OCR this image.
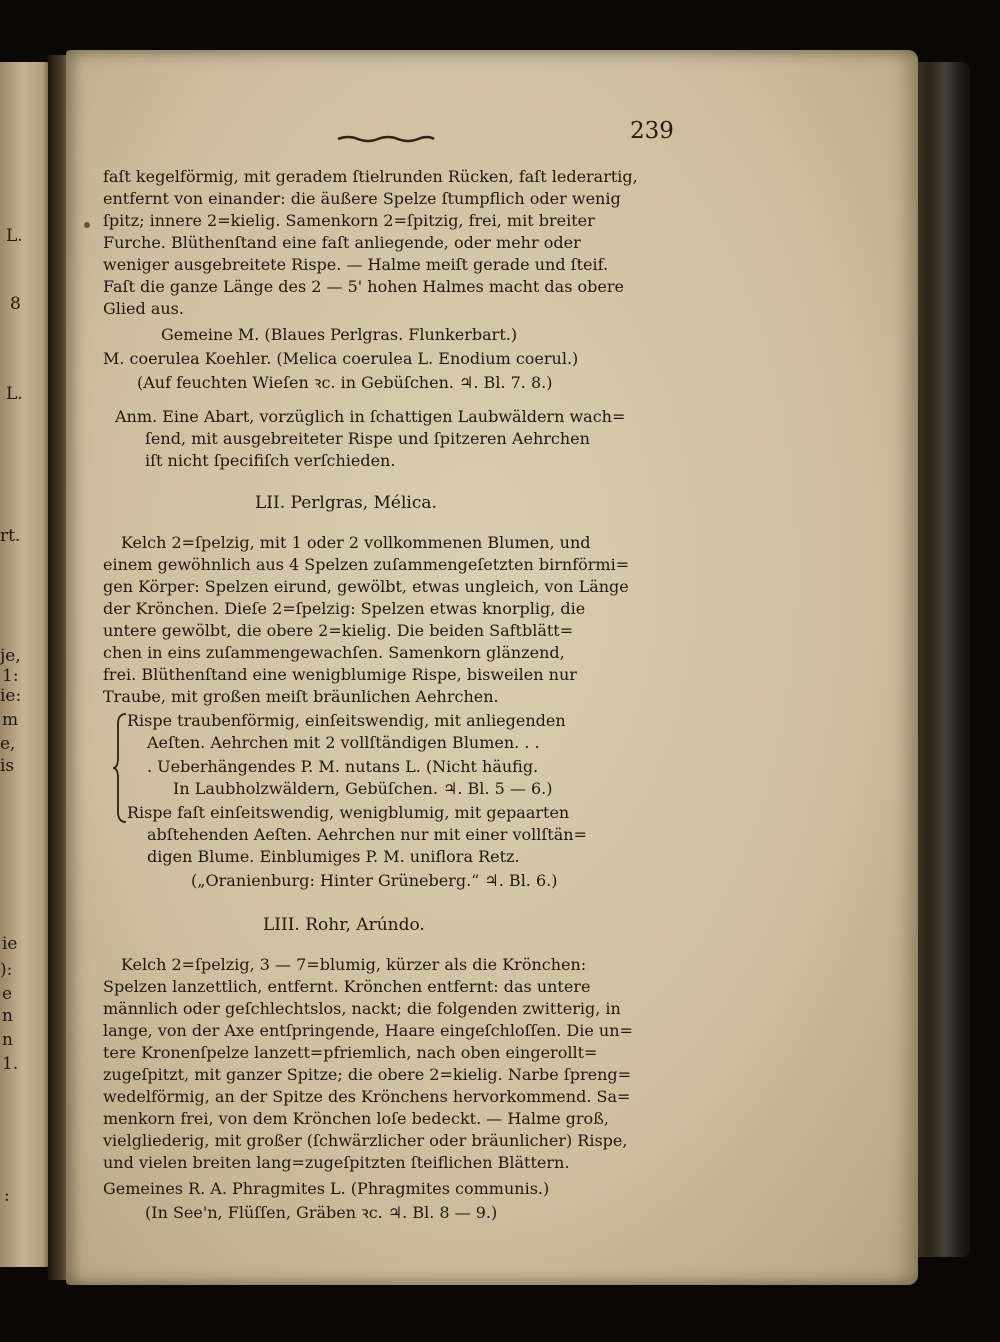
L.
8
L.
rt.
je,
1:
ie:
m
e,
is
ie
):
e
n
n
1.
:
239
faſt kegelförmig, mit geradem ſtielrunden Rücken, faſt lederartig,
entfernt von einander: die äußere Spelze ſtumpflich oder wenig
ſpitz; innere 2=kielig. Samenkorn 2=ſpitzig, frei, mit breiter
Furche. Blüthenſtand eine faſt anliegende, oder mehr oder
weniger ausgebreitete Rispe. — Halme meiſt gerade und ſteif.
Faſt die ganze Länge des 2 — 5' hohen Halmes macht das obere
Glied aus.
Gemeine M. (Blaues Perlgras. Flunkerbart.)
M. coerulea Koehler. (Melica coerulea L. Enodium coerul.)
(Auf feuchten Wieſen ꝛc. in Gebüſchen. ♃. Bl. 7. 8.)
Anm. Eine Abart, vorzüglich in ſchattigen Laubwäldern wach=
ſend, mit ausgebreiteter Rispe und ſpitzeren Aehrchen
iſt nicht ſpecifiſch verſchieden.
LII. Perlgras, Mélica.
Kelch 2=ſpelzig, mit 1 oder 2 vollkommenen Blumen, und
einem gewöhnlich aus 4 Spelzen zuſammengeſetzten birnförmi=
gen Körper: Spelzen eirund, gewölbt, etwas ungleich, von Länge
der Krönchen. Dieſe 2=ſpelzig: Spelzen etwas knorplig, die
untere gewölbt, die obere 2=kielig. Die beiden Saftblätt=
chen in eins zuſammengewachſen. Samenkorn glänzend,
frei. Blüthenſtand eine wenigblumige Rispe, bisweilen nur
Traube, mit großen meiſt bräunlichen Aehrchen.
Rispe traubenförmig, einſeitswendig, mit anliegenden
Aeſten. Aehrchen mit 2 vollſtändigen Blumen. . .
. Ueberhängendes P. M. nutans L. (Nicht häufig.
In Laubholzwäldern, Gebüſchen. ♃. Bl. 5 — 6.)
Rispe faſt einſeitswendig, wenigblumig, mit gepaarten
abſtehenden Aeſten. Aehrchen nur mit einer vollſtän=
digen Blume. Einblumiges P. M. uniflora Retz.
(„Oranienburg: Hinter Grüneberg.“ ♃. Bl. 6.)
LIII. Rohr, Arúndo.
Kelch 2=ſpelzig, 3 — 7=blumig, kürzer als die Krönchen:
Spelzen lanzettlich, entfernt. Krönchen entfernt: das untere
männlich oder geſchlechtslos, nackt; die folgenden zwitterig, in
lange, von der Axe entſpringende, Haare eingeſchloſſen. Die un=
tere Kronenſpelze lanzett=pfriemlich, nach oben eingerollt=
zugeſpitzt, mit ganzer Spitze; die obere 2=kielig. Narbe ſpreng=
wedelförmig, an der Spitze des Krönchens hervorkommend. Sa=
menkorn frei, von dem Krönchen loſe bedeckt. — Halme groß,
vielgliederig, mit großer (ſchwärzlicher oder bräunlicher) Rispe,
und vielen breiten lang=zugeſpitzten ſteiflichen Blättern.
Gemeines R. A. Phragmites L. (Phragmites communis.)
(In See'n, Flüſſen, Gräben ꝛc. ♃. Bl. 8 — 9.)
